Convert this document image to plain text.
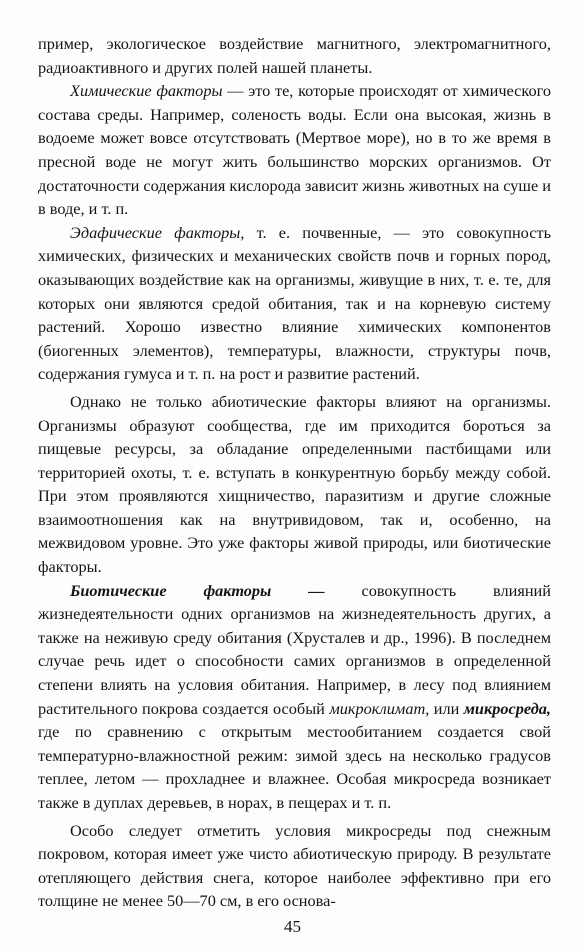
пример, экологическое воздействие магнитного, электромагнитного, радиоактивного и других полей нашей планеты.

Химические факторы — это те, которые происходят от химического состава среды. Например, соленость воды. Если она высокая, жизнь в водоеме может вовсе отсутствовать (Мертвое море), но в то же время в пресной воде не могут жить большинство морских организмов. От достаточности содержания кислорода зависит жизнь животных на суше и в воде, и т. п.

Эдафические факторы, т. е. почвенные, — это совокупность химических, физических и механических свойств почв и горных пород, оказывающих воздействие как на организмы, живущие в них, т. е. те, для которых они являются средой обитания, так и на корневую систему растений. Хорошо известно влияние химических компонентов (биогенных элементов), температуры, влажности, структуры почв, содержания гумуса и т. п. на рост и развитие растений.

Однако не только абиотические факторы влияют на организмы. Организмы образуют сообщества, где им приходится бороться за пищевые ресурсы, за обладание определенными пастбищами или территорией охоты, т. е. вступать в конкурентную борьбу между собой. При этом проявляются хищничество, паразитизм и другие сложные взаимоотношения как на внутривидовом, так и, особенно, на межвидовом уровне. Это уже факторы живой природы, или биотические факторы.

Биотические факторы — совокупность влияний жизнедеятельности одних организмов на жизнедеятельность других, а также на неживую среду обитания (Хрусталев и др., 1996). В последнем случае речь идет о способности самих организмов в определенной степени влиять на условия обитания. Например, в лесу под влиянием растительного покрова создается особый микроклимат, или микросреда, где по сравнению с открытым местообитанием создается свой температурно-влажностной режим: зимой здесь на несколько градусов теплее, летом — прохладнее и влажнее. Особая микросреда возникает также в дуплах деревьев, в норах, в пещерах и т. п.

Особо следует отметить условия микросреды под снежным покровом, которая имеет уже чисто абиотическую природу. В результате отепляющего действия снега, которое наиболее эффективно при его толщине не менее 50—70 см, в его основа-

45
